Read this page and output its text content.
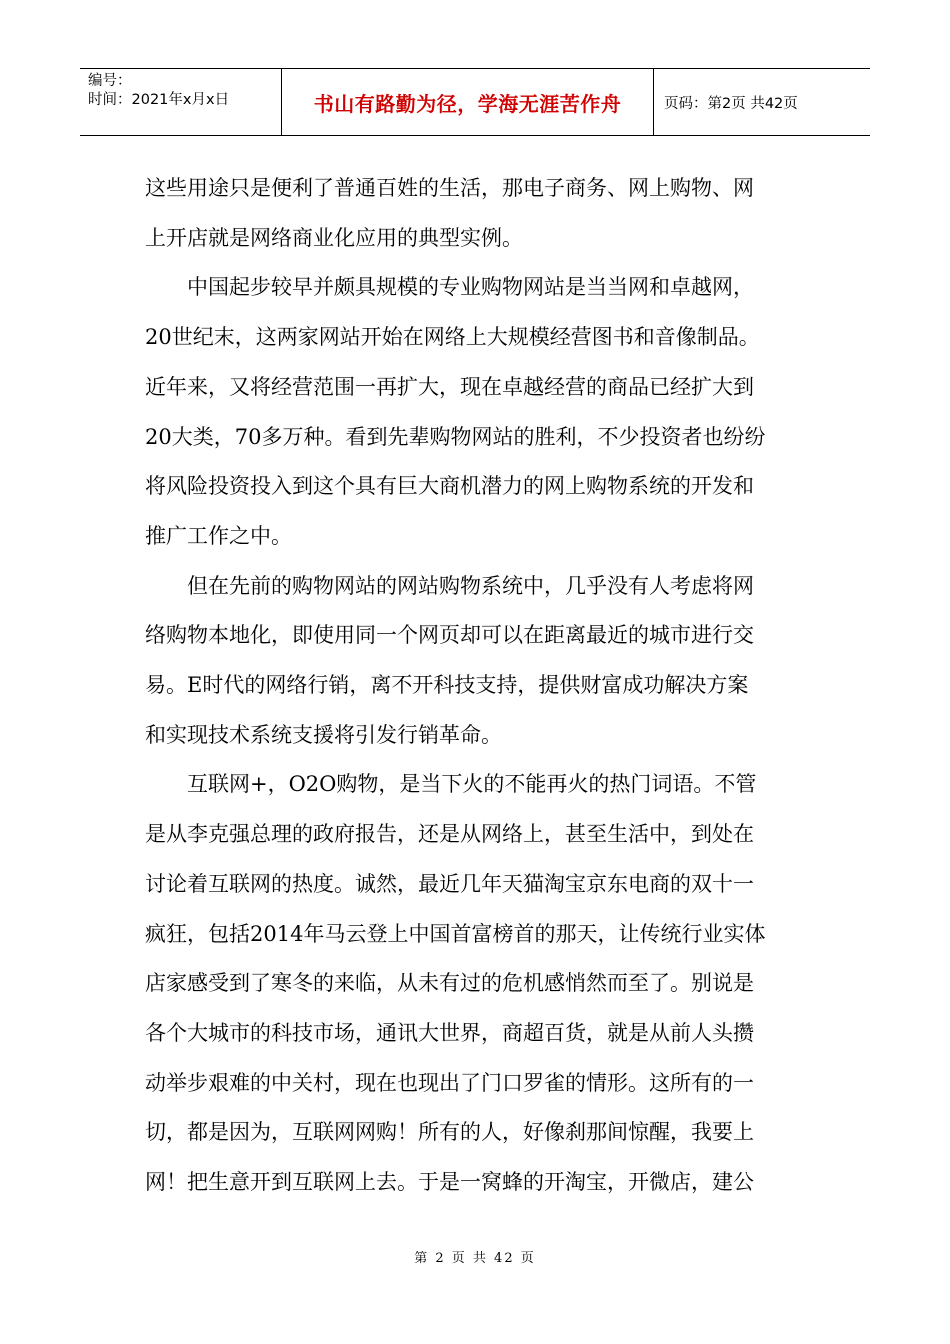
编号：
时间：2021年x月x日	书山有路勤为径，学海无涯苦作舟	页码：第2页 共42页

这些用途只是便利了普通百姓的生活，那电子商务、网上购物、网
上开店就是网络商业化应用的典型实例。

中国起步较早并颇具规模的专业购物网站是当当网和卓越网，
20世纪末，这两家网站开始在网络上大规模经营图书和音像制品。
近年来，又将经营范围一再扩大，现在卓越经营的商品已经扩大到
20大类，70多万种。看到先辈购物网站的胜利，不少投资者也纷纷
将风险投资投入到这个具有巨大商机潜力的网上购物系统的开发和
推广工作之中。

但在先前的购物网站的网站购物系统中，几乎没有人考虑将网
络购物本地化，即使用同一个网页却可以在距离最近的城市进行交
易。E时代的网络行销，离不开科技支持，提供财富成功解决方案
和实现技术系统支援将引发行销革命。

互联网+，O2O购物，是当下火的不能再火的热门词语。不管
是从李克强总理的政府报告，还是从网络上，甚至生活中，到处在
讨论着互联网的热度。诚然，最近几年天猫淘宝京东电商的双十一
疯狂，包括2014年马云登上中国首富榜首的那天，让传统行业实体
店家感受到了寒冬的来临，从未有过的危机感悄然而至了。别说是
各个大城市的科技市场，通讯大世界，商超百货，就是从前人头攒
动举步艰难的中关村，现在也现出了门口罗雀的情形。这所有的一
切，都是因为，互联网网购！所有的人，好像刹那间惊醒，我要上
网！把生意开到互联网上去。于是一窝蜂的开淘宝，开微店，建公

第 2 页 共 42 页
